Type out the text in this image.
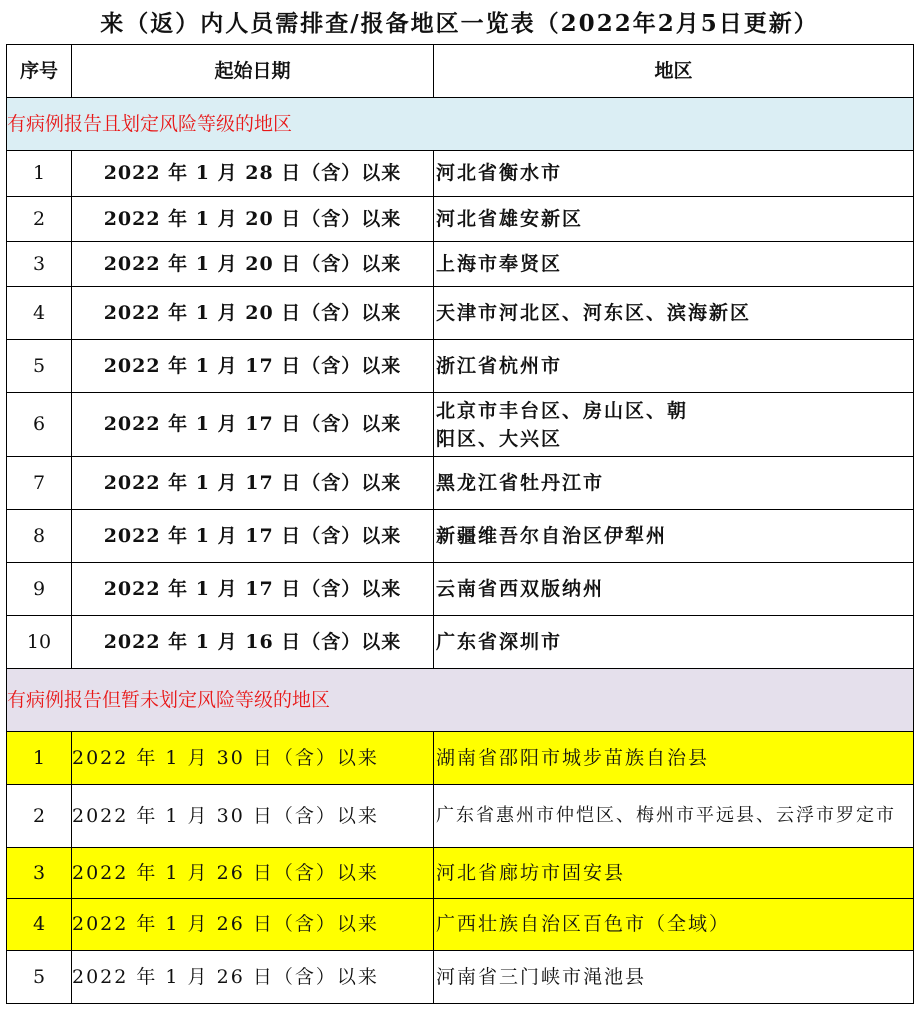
来（返）内人员需排查/报备地区一览表（2022年2月5日更新）
序号	起始日期	地区
有病例报告且划定风险等级的地区		
1	2022 年 1 月 28 日（含）以来	河北省衡水市
2	2022 年 1 月 20 日（含）以来	河北省雄安新区
3	2022 年 1 月 20 日（含）以来	上海市奉贤区
4	2022 年 1 月 20 日（含）以来	天津市河北区、河东区、滨海新区
5	2022 年 1 月 17 日（含）以来	浙江省杭州市
6	2022 年 1 月 17 日（含）以来	北京市丰台区、房山区、朝阳区、大兴区

7	2022 年 1 月 17 日（含）以来	黑龙江省牡丹江市
8	2022 年 1 月 17 日（含）以来	新疆维吾尔自治区伊犁州
9	2022 年 1 月 17 日（含）以来	云南省西双版纳州
10	2022 年 1 月 16 日（含）以来	广东省深圳市
有病例报告但暂未划定风险等级的地区		
1	2022 年 1 月 30 日（含）以来	湖南省邵阳市城步苗族自治县
2	2022 年 1 月 30 日（含）以来	广东省惠州市仲恺区、梅州市平远县、云浮市罗定市
3	2022 年 1 月 26 日（含）以来	河北省廊坊市固安县
4	2022 年 1 月 26 日（含）以来	广西壮族自治区百色市（全域）
5	2022 年 1 月 26 日（含）以来	河南省三门峡市渑池县
